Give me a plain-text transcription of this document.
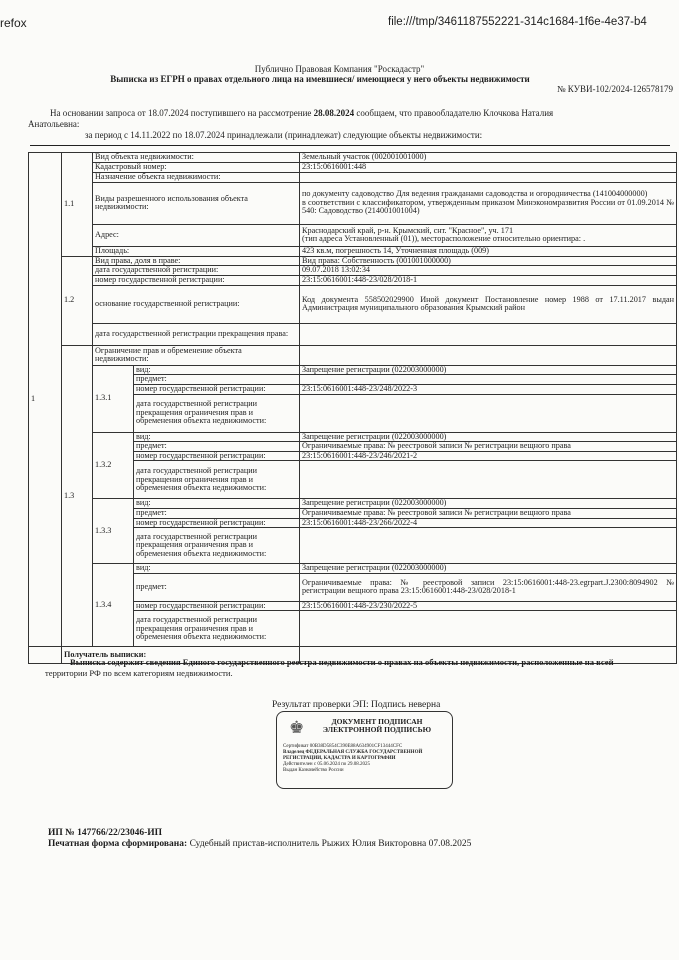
refox	file:///tmp/3461187552221-314c1684-1f6e-4e37-b4
Публично Правовая Компания "Роскадастр"
Выписка из ЕГРН о правах отдельного лица на имевшиеся/ имеющиеся у него объекты недвижимости
№ КУВИ-102/2024-126578179
На основании запроса от 18.07.2024 поступившего на рассмотрение 28.08.2024 сообщаем, что правообладателю Клочкова Наталия
Анатольевна:
за период с 14.11.2022 по 18.07.2024 принадлежали (принадлежат) следующие объекты недвижимости:
1	1.1	Вид объекта недвижимости:		Земельный участок (002001001000)
		Кадастровый номер:		23:15:0616001:448
		Назначение объекта недвижимости:		
		Виды разрешенного использования объекта недвижимости:		по документу садоводство Для ведения гражданами садоводства и огородничества (141004000000)
в соответствии с классификатором, утвержденным приказом Минэкономразвития России от 01.09.2014 № 540: Садоводство (214001001004)

		Адрес:		Краснодарский край, р-н. Крымский, снт. "Красное", уч. 171
(тип адреса Установленный (01)), месторасположение относительно ориентира: .

		Площадь:		423 кв.м, погрешность 14, Уточненная площадь (009)
	1.2	Вид права, доля в праве:		Вид права: Собственность (001001000000)
		дата государственной регистрации:		09.07.2018 13:02:34
		номер государственной регистрации:		23:15:0616001:448-23/028/2018-1
		основание государственной регистрации:		Код документа 558502029900 Иной документ Постановление номер 1988 от 17.11.2017 выдан Администрация муниципального образования Крымский район
		дата государственной регистрации прекращения права:		
	1.3	Ограничение прав и обременение объекта недвижимости:		
		1.3.1	вид:	Запрещение регистрации (022003000000)
			предмет:	
			номер государственной регистрации:	23:15:0616001:448-23/248/2022-3
			дата государственной регистрации прекращения ограничения прав и обременения объекта недвижимости:	
		1.3.2	вид:	Запрещение регистрации (022003000000)
			предмет:	Ограничиваемые права: № реестровой записи № регистрации вещного права
			номер государственной регистрации:	23:15:0616001:448-23/246/2021-2
			дата государственной регистрации прекращения ограничения прав и обременения объекта недвижимости:	
		1.3.3	вид:	Запрещение регистрации (022003000000)
			предмет:	Ограничиваемые права: № реестровой записи № регистрации вещного права
			номер государственной регистрации:	23:15:0616001:448-23/266/2022-4
			дата государственной регистрации прекращения ограничения прав и обременения объекта недвижимости:	
		1.3.4	вид:	Запрещение регистрации (022003000000)
			предмет:	Ограничиваемые права: № реестровой записи 23:15:0616001:448-23.egrpart.J.2300:8094902 № регистрации вещного права 23:15:0616001:448-23/028/2018-1
			номер государственной регистрации:	23:15:0616001:448-23/230/2022-5
			дата государственной регистрации прекращения ограничения прав и обременения объекта недвижимости:	
	Получатель выписки:			
Выписка содержит сведения Единого государственного реестра недвижимости о правах на объекты недвижимости, расположенные на всей
территории РФ по всем категориям недвижимости.
Результат проверки ЭП: Подпись неверна
♚	ДОКУМЕНТ ПОДПИСАН
ЭЛЕКТРОННОЙ ПОДПИСЬЮ
Сертификат 00B38D5854C390E88A634901CF13444CFC
Владелец ФЕДЕРАЛЬНАЯ СЛУЖБА ГОСУДАРСТВЕННОЙ
РЕГИСТРАЦИИ, КАДАСТРА И КАРТОГРАФИИ
Действителен с 05.06.2024 по 29.08.2025
Выдан Казначейство России
ИП № 147766/22/23046-ИП
Печатная форма сформирована: Судебный пристав-исполнитель Рыжих Юлия Викторовна 07.08.2025
